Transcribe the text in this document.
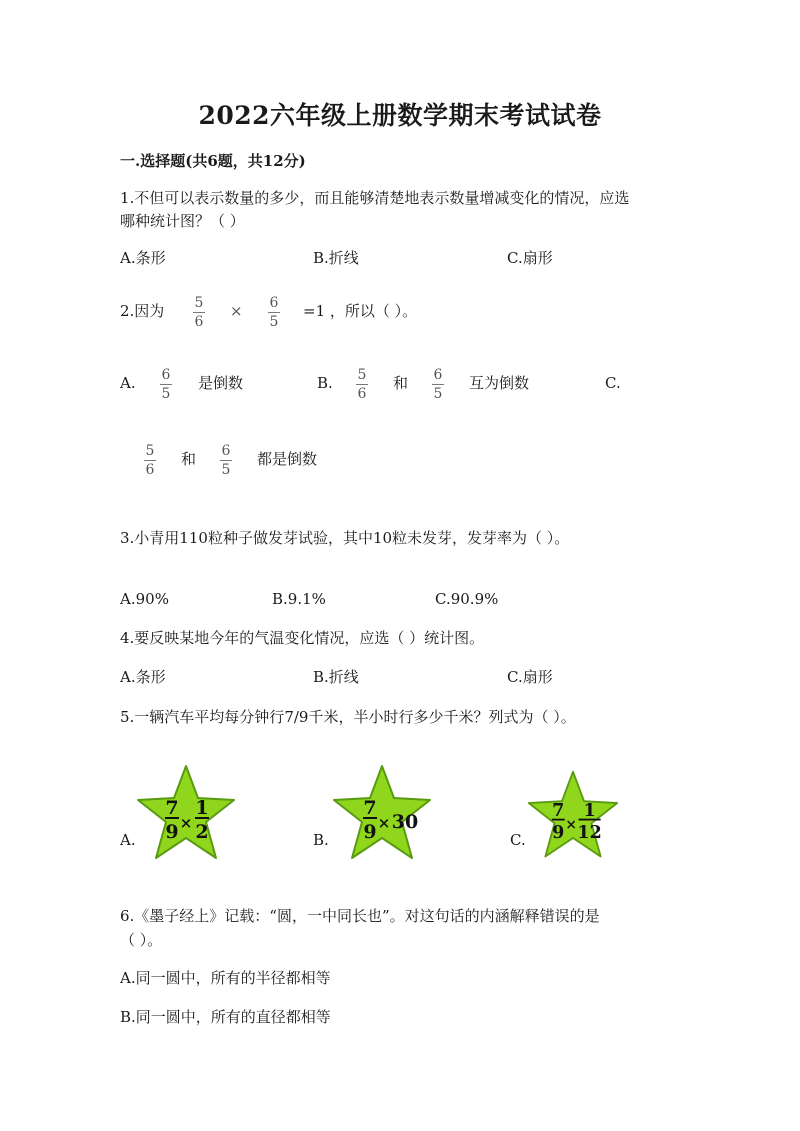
2022六年级上册数学期末考试试卷
一.选择题(共6题，共12分)
1.不但可以表示数量的多少，而且能够清楚地表示数量增减变化的情况，应选
哪种统计图？（ ）
A.条形	B.折线	C.扇形
2.因为 5
6
× 6
5
=1 ，所以（ ）。
A. 6
5
是倒数	B. 5
6
和 6
5
互为倒数	C.
5
6
和 6
5
都是倒数
3.小青用110粒种子做发芽试验，其中10粒未发芽，发芽率为（ ）。
A.90%	B.9.1%	C.90.9%
4.要反映某地今年的气温变化情况，应选（ ）统计图。
A.条形	B.折线	C.扇形
5.一辆汽车平均每分钟行7/9千米，半小时行多少千米？列式为（ ）。
A.
7
9 ×
1
2	B.
7
9 × 30
C.
7
9 ×
1
12
6.《墨子经上》记载：“圆，一中同长也”。对这句话的内涵解释错误的是
（ ）。
A.同一圆中，所有的半径都相等
B.同一圆中，所有的直径都相等
